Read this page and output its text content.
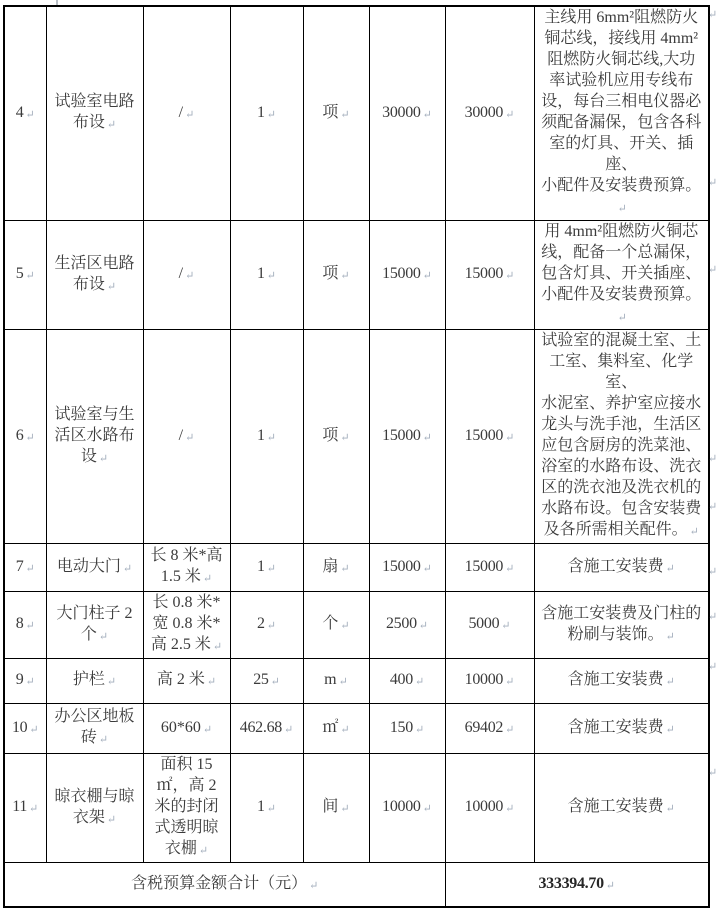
4 ↵	试验室电路
布设 ↵	/ ↵	1 ↵	项 ↵	30000 ↵	30000 ↵	主线用 6mm²阻燃防火
铜芯线，接线用 4mm²
阻燃防火铜芯线,大功
率试验机应用专线布
设，每台三相电仪器必
须配备漏保，包含各科
室的灯具、开关、插座、
小配件及安装费预算。↵
5 ↵	生活区电路
布设 ↵	/ ↵	1 ↵	项 ↵	15000 ↵	15000 ↵	用 4mm²阻燃防火铜芯
线，配备一个总漏保，
包含灯具、开关插座、
小配件及安装费预算。↵
6 ↵	试验室与生
活区水路布
设 ↵	/ ↵	1 ↵	项 ↵	15000 ↵	15000 ↵	试验室的混凝土室、土
工室、集料室、化学室、
水泥室、养护室应接水
龙头与洗手池，生活区
应包含厨房的洗菜池、
浴室的水路布设、洗衣
区的洗衣池及洗衣机的
水路布设。包含安装费
及各所需相关配件。 ↵
7 ↵	电动大门 ↵	长 8 米*高
1.5 米 ↵	1 ↵	扇 ↵	15000 ↵	15000 ↵	含施工安装费 ↵
8 ↵	大门柱子 2
个 ↵	长 0.8 米*
宽 0.8 米*
高 2.5 米 ↵	2 ↵	个 ↵	2500 ↵	5000 ↵	含施工安装费及门柱的
粉刷与装饰。 ↵
9 ↵	护栏 ↵	高 2 米 ↵	25 ↵	m ↵	400 ↵	10000 ↵	含施工安装费 ↵
10 ↵	办公区地板
砖 ↵	60*60 ↵	462.68 ↵	㎡ ↵	150 ↵	69402 ↵	含施工安装费 ↵
11 ↵	晾衣棚与晾
衣架 ↵	面积 15
㎡，高 2
米的封闭
式透明晾
衣棚 ↵	1 ↵	间 ↵	10000 ↵	10000 ↵	含施工安装费 ↵
含税预算金额合计（元） ↵						333394.70 ↵	
↵
↵
↵
↵
↵
↵
↵
↵
↵
